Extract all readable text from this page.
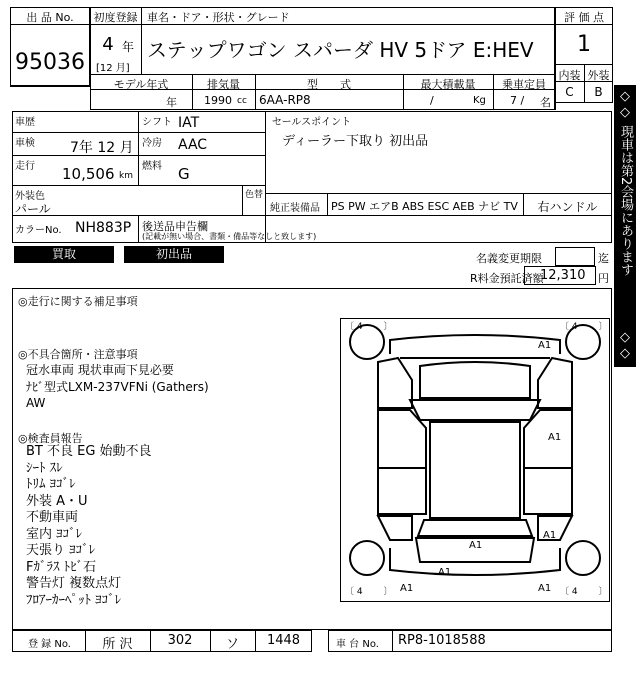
出 品 No.
95036
初度登録
4 年
[12 月]
車名・ドア・形状・グレード
ステップワゴン スパーダ HV 5ドア E:HEV
評 価 点
1
内装 外装
C	B
モデル年式
年
排気量
1990 cc
型　　式
6AA-RP8
最大積載量
/	Kg
乗車定員
7 / 名
車歴
車検	7年 12 月
走行 10,506 km
シフト IAT
冷房 AAC
燃料 G
セールスポイント
ディーラー下取り 初出品
外装色
パール
色替
純正装備品 PS PW エアB ABS ESC AEB ナビ TV	右ハンドル
カラーNo. NH883P 後送品申告欄
(記載が無い場合、書類・備品等なしと致します)
買取	初出品	名義変更期限	迄
R料金預託済額
12,310 円
◎走行に関する補足事項
◎不具合箇所・注意事項
冠水車両 現状車両下見必要
ﾅﾋﾞ型式LXM-237VFNi (Gathers)
AW
◎検査員報告
BT 不良 EG 始動不良
ｼｰﾄ ｽﾚ
ﾄﾘﾑ ﾖｺﾞﾚ
外装 A・U
不動車両
室内 ﾖｺﾞﾚ
天張り ﾖｺﾞﾚ
Fｶﾞﾗｽ ﾄﾋﾞ石
警告灯 複数点灯
ﾌﾛｱｰｶｰﾍﾟｯﾄ ﾖｺﾞﾚ
〔 4 　　〕	〔 4 　　〕
〔 4 　　〕	〔 4 　　〕
A1
A1
A1
A1
A1
A1	A1
登 録 No.	所 沢	302	ソ	1448	車 台 No. RP8-1018588
◇
◇
現車は第2会場にあります
◇
◇
